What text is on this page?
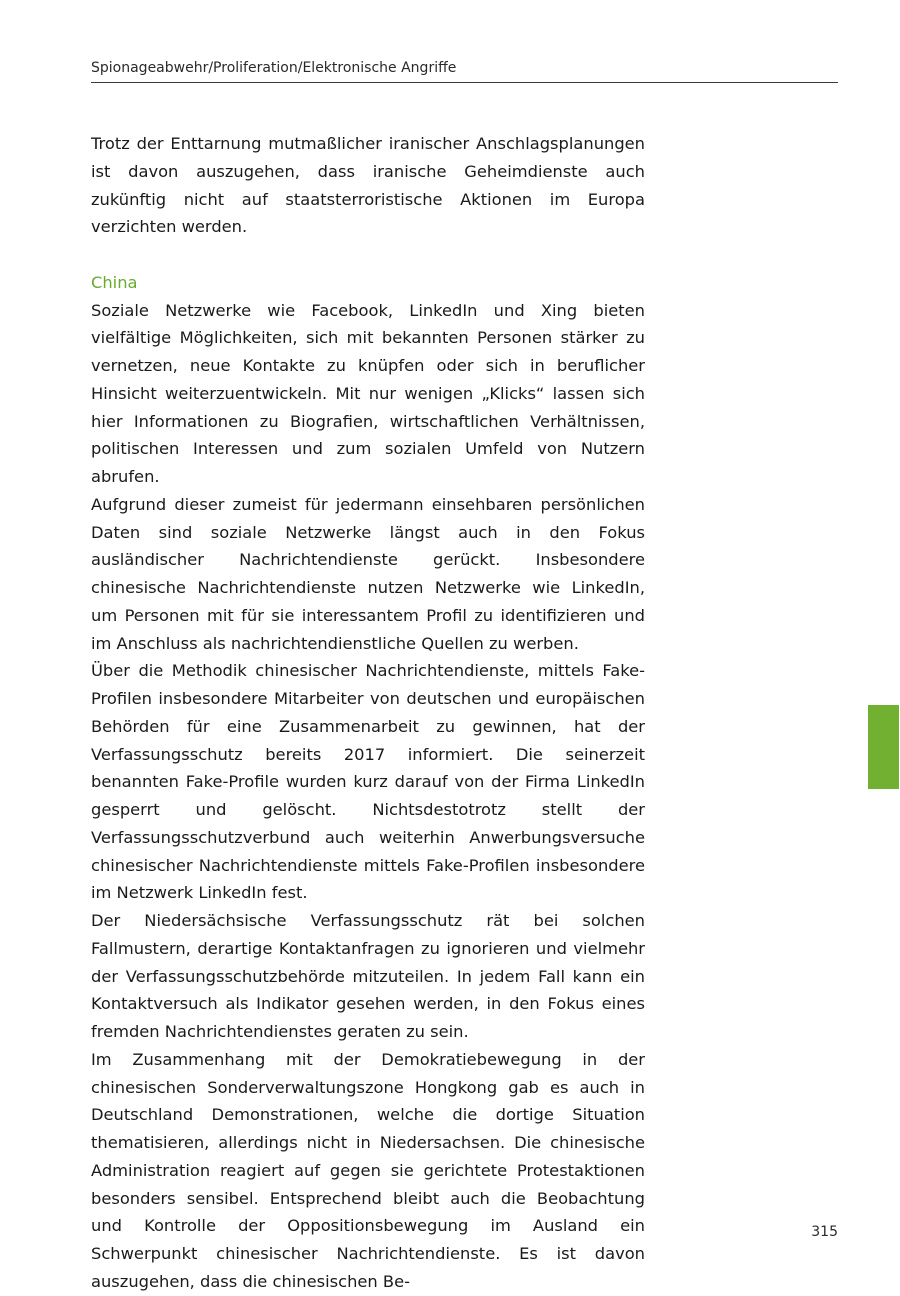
Spionageabwehr/Proliferation/Elektronische Angriffe

Trotz der Enttarnung mutmaßlicher iranischer Anschlagsplanungen ist davon auszugehen, dass iranische Geheimdienste auch zukünftig nicht auf staatsterroristische Aktionen im Europa verzichten werden.

China

Soziale Netzwerke wie Facebook, LinkedIn und Xing bieten vielfältige Möglichkeiten, sich mit bekannten Personen stärker zu vernetzen, neue Kontakte zu knüpfen oder sich in beruflicher Hinsicht weiterzuentwickeln. Mit nur wenigen „Klicks“ lassen sich hier Informationen zu Biografien, wirtschaftlichen Verhältnissen, politischen Interessen und zum sozialen Umfeld von Nutzern abrufen.

Aufgrund dieser zumeist für jedermann einsehbaren persönlichen Daten sind soziale Netzwerke längst auch in den Fokus ausländischer Nachrichtendienste gerückt. Insbesondere chinesische Nachrichtendienste nutzen Netzwerke wie LinkedIn, um Personen mit für sie interessantem Profil zu identifizieren und im Anschluss als nachrichtendienstliche Quellen zu werben.

Über die Methodik chinesischer Nachrichtendienste, mittels Fake-Profilen insbesondere Mitarbeiter von deutschen und europäischen Behörden für eine Zusammenarbeit zu gewinnen, hat der Verfassungsschutz bereits 2017 informiert. Die seinerzeit benannten Fake-Profile wurden kurz darauf von der Firma LinkedIn gesperrt und gelöscht. Nichtsdestotrotz stellt der Verfassungsschutzverbund auch weiterhin Anwerbungsversuche chinesischer Nachrichtendienste mittels Fake-Profilen insbesondere im Netzwerk LinkedIn fest.

Der Niedersächsische Verfassungsschutz rät bei solchen Fallmustern, derartige Kontaktanfragen zu ignorieren und vielmehr der Verfassungsschutzbehörde mitzuteilen. In jedem Fall kann ein Kontaktversuch als Indikator gesehen werden, in den Fokus eines fremden Nachrichtendienstes geraten zu sein.

Im Zusammenhang mit der Demokratiebewegung in der chinesischen Sonderverwaltungszone Hongkong gab es auch in Deutschland Demonstrationen, welche die dortige Situation thematisieren, allerdings nicht in Niedersachsen. Die chinesische Administration reagiert auf gegen sie gerichtete Protestaktionen besonders sensibel. Entsprechend bleibt auch die Beobachtung und Kontrolle der Oppositionsbewegung im Ausland ein Schwerpunkt chinesischer Nachrichtendienste. Es ist davon auszugehen, dass die chinesischen Be-

315
